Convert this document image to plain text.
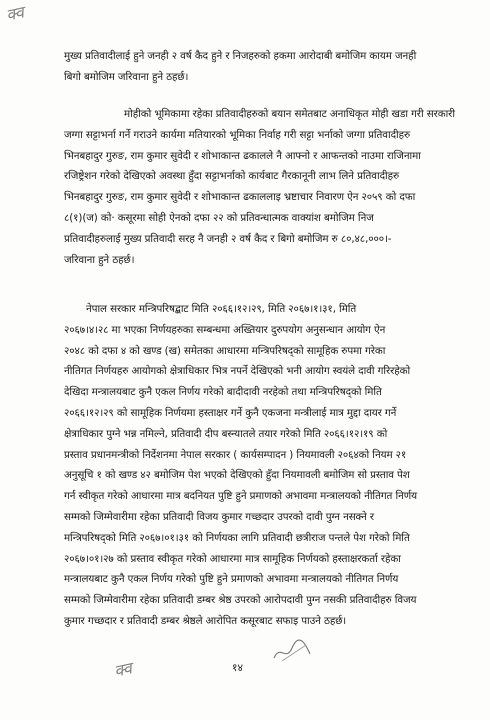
क्व
क्व
मुख्य प्रतिवादीलाई हुने जनही २ वर्ष कैद हुने र निजहरुको हकमा आरोदाबी बमोजिम कायम जनही
बिगो बमोजिम जरिवाना हुने ठहर्छ।
मोहीको भूमिकामा रहेका प्रतिवादीहरुको बयान समेतबाट अनाधिकृत मोही खडा गरी सरकारी
जग्गा सट्टाभर्ना गर्ने गराउने कार्यमा मतियारको भूमिका निर्वाह गरी सट्टा भर्नाको जग्गा प्रतिवादीहरु
भिनबहादुर गुरुङ, राम कुमार सुवेदी र शोभाकान्त ढकालले नै आफ्नो र आफन्तको नाउमा राजिनामा
रजिष्ट्रेशन गरेको देखिएको अवस्था हुँदा सट्टाभर्नाको कार्यबाट गैरकानूनी लाभ लिने प्रतिवादीहरु
भिनबहादुर गुरुङ, राम कुमार सुवेदी र शोभाकान्त ढकाललाइ भ्रष्टाचार निवारण ऐन २०५९ को दफा
८(१)(ज) को· कसूरमा सोही ऐनको दफा २२ को प्रतिवन्धात्मक वाक्यांश बमोजिम निज
प्रतिवादीहरुलाई मुख्य प्रतिवादी सरह नै जनही २ वर्ष कैद र बिगो बमोजिम रु ८०,४८,०००।-
जरिवाना हुने ठहर्छ।
नेपाल सरकार मन्त्रिपरिषद्बाट मिति २०६६।१२।२९, मिति २०६७।१।३१, मिति
२०६७।४।२८ मा भएका निर्णयहरुका सम्बन्धमा अख्तियार दुरुपयोग अनुसन्धान आयोग ऐन
२०४८ को दफा ४ को खण्ड (ख) समेतका आधारमा मन्त्रिपरिषद्‌को सामूहिक रुपमा गरेका
नीतिगत निर्णयहरु आयोगको क्षेत्राधिकार भित्र नपर्ने देखिएको भनी आयोग स्वयंले दावी गरिरहेको
देखिदा मन्त्रालयबाट कुनै एकल निर्णय गरेको बादीदावी नरहेको तथा मन्त्रिपरिषद्को मिति
२०६६।१२।२९ को सामूहिक निर्णयमा हस्ताक्षर गर्ने कुनै एकजना मन्त्रीलाई मात्र मुद्दा दायर गर्ने
क्षेत्राधिकार पुग्ने भन्न नमिल्ने, प्रतिवादी दीप बस्न्यातले तयार गरेको मिति २०६६।१२।१९ को
प्रस्ताव प्रधानमन्त्रीको निर्देशनमा नेपाल सरकार ( कार्यसम्पादन ) नियमावली २०६४को नियम २१
अनुसूचि १ को खण्ड ४२ बमोजिम पेश भएको देखिएको हुँदा नियमावली बमोजिम सो प्रस्ताव पेश
गर्न स्वीकृत गरेको आधारमा मात्र बदनियत पुष्टि हुने प्रमाणको अभावमा मन्त्रालयको नीतिगत निर्णय
सम्मको जिम्मेवारीमा रहेका प्रतिवादी विजय कुमार गच्छदार उपरको दावी पुग्न नसक्ने र
मन्त्रिपरिषद्को मिति २०६७।०१।३१ को निर्णयका लागि प्रतिवादी छत्रीराज पन्तले पेश गरेको मिति
२०६७।०१।२७ को प्रस्ताव स्वीकृत गरेको आधारमा मात्र सामूहिक निर्णयको हस्ताक्षरकर्ता रहेका
मन्त्रालयबाट कुनै एकल निर्णय गरेको पुष्टि हुने प्रमाणको अभावमा मन्त्रालयको नीतिगत निर्णय
सम्मको जिम्मेवारीमा रहेका प्रतिवादी डम्बर श्रेष्ठ उपरको आरोपदावी पुग्न नसकी प्रतिवादीहरु विजय
कुमार गच्छदार र प्रतिवादी डम्बर श्रेष्ठले आरोपित कसूरबाट सफाइ पाउने ठहर्छ।
१४
